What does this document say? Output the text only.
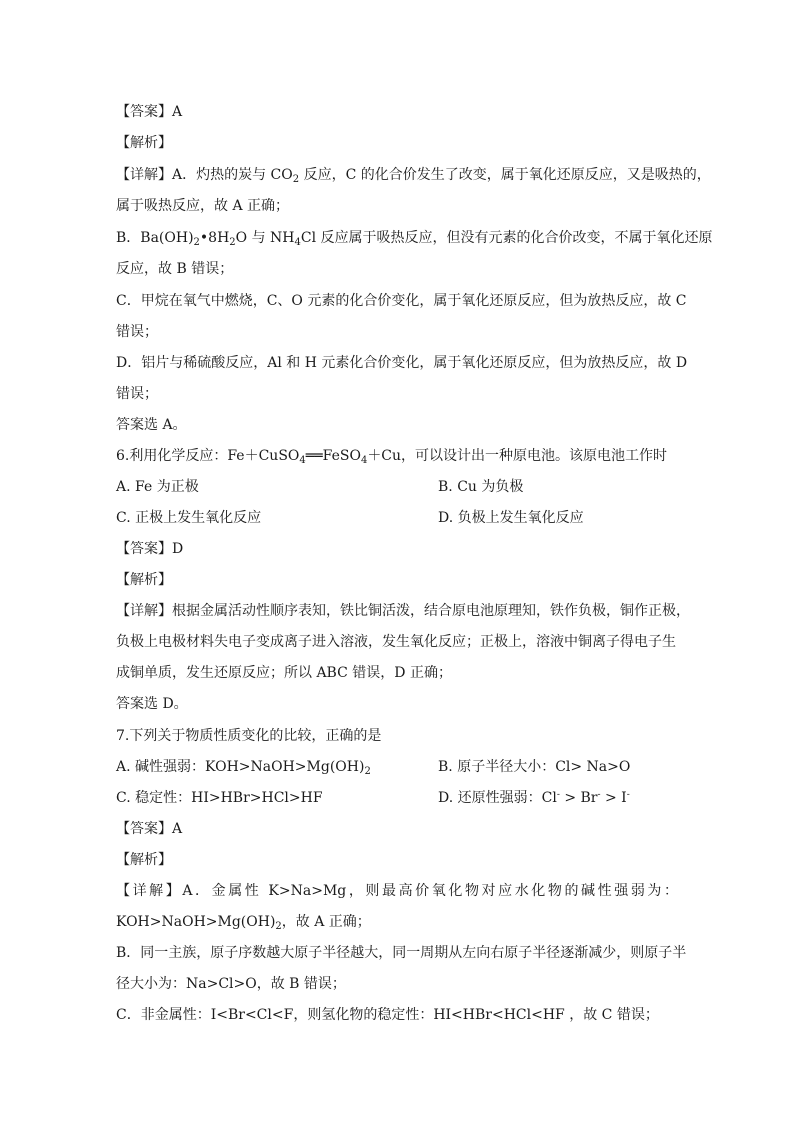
【答案】A
【解析】
【详解】A．灼热的炭与 $CO_2$ 反应，C 的化合价发生了改变，属于氧化还原反应，又是吸热的，
属于吸热反应，故 A 正确；
B．$Ba(OH)_2•8H_2O$ 与 $NH_4Cl$ 反应属于吸热反应，但没有元素的化合价改变，不属于氧化还原
反应，故 B 错误；
C．甲烷在氧气中燃烧，C、O 元素的化合价变化，属于氧化还原反应，但为放热反应，故 C
错误；
D．铝片与稀硫酸反应，Al 和 H 元素化合价变化，属于氧化还原反应，但为放热反应，故 D
错误；
答案选 A。
6.利用化学反应：Fe＋CuSO$_4$══FeSO$_4$＋Cu，可以设计出一种原电池。该原电池工作时
A. Fe 为正极	B. Cu 为负极
C. 正极上发生氧化反应	D. 负极上发生氧化反应
【答案】D
【解析】
【详解】根据金属活动性顺序表知，铁比铜活泼，结合原电池原理知，铁作负极，铜作正极，
负极上电极材料失电子变成离子进入溶液，发生氧化反应；正极上，溶液中铜离子得电子生
成铜单质，发生还原反应；所以 ABC 错误，D 正确；
答案选 D。
7.下列关于物质性质变化的比较，正确的是
A. 碱性强弱：$KOH>NaOH>Mg(OH)_2$	B. 原子半径大小：Cl> Na>O
C. 稳定性：HI>HBr>HCl>HF	D. 还原性强弱：Cl- > Br- > I-
【答案】A
【解析】
【详解】A．金属性 K>Na>Mg，则最高价氧化物对应水化物的碱性强弱为：
$KOH>NaOH>Mg(OH)_2$，故 A 正确；
B．同一主族，原子序数越大原子半径越大，同一周期从左向右原子半径逐渐减少，则原子半
径大小为：Na>Cl>O，故 B 错误；
C．非金属性：I<Br<Cl<F，则氢化物的稳定性：HI<HBr<HCl<HF ，故 C 错误；
